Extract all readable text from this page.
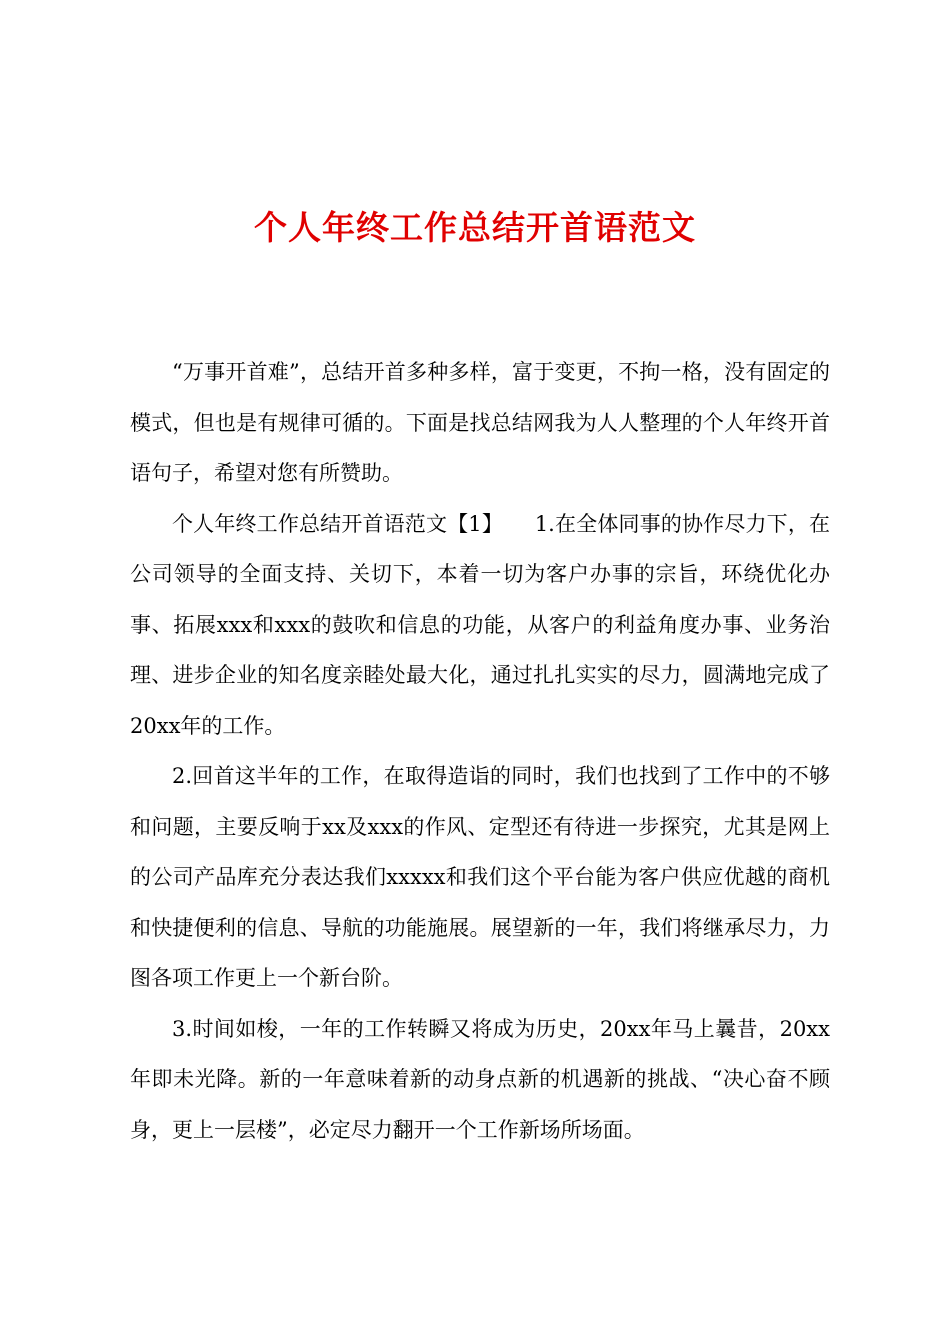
个人年终工作总结开首语范文

“万事开首难”，总结开首多种多样，富于变更，不拘一格，没有固定的模式，但也是有规律可循的。下面是找总结网我为人人整理的个人年终开首语句子，希望对您有所赞助。

个人年终工作总结开首语范文【1】　　1.在全体同事的协作尽力下，在公司领导的全面支持、关切下，本着一切为客户办事的宗旨，环绕优化办事、拓展xxx和xxx的鼓吹和信息的功能，从客户的利益角度办事、业务治理、进步企业的知名度亲睦处最大化，通过扎扎实实的尽力，圆满地完成了20xx年的工作。

2.回首这半年的工作，在取得造诣的同时，我们也找到了工作中的不够和问题，主要反响于xx及xxx的作风、定型还有待进一步探究，尤其是网上的公司产品库充分表达我们xxxxx和我们这个平台能为客户供应优越的商机和快捷便利的信息、导航的功能施展。展望新的一年，我们将继承尽力，力图各项工作更上一个新台阶。

3.时间如梭，一年的工作转瞬又将成为历史，20xx年马上曩昔，20xx年即未光降。新的一年意味着新的动身点新的机遇新的挑战、“决心奋不顾身，更上一层楼”，必定尽力翻开一个工作新场所场面。
